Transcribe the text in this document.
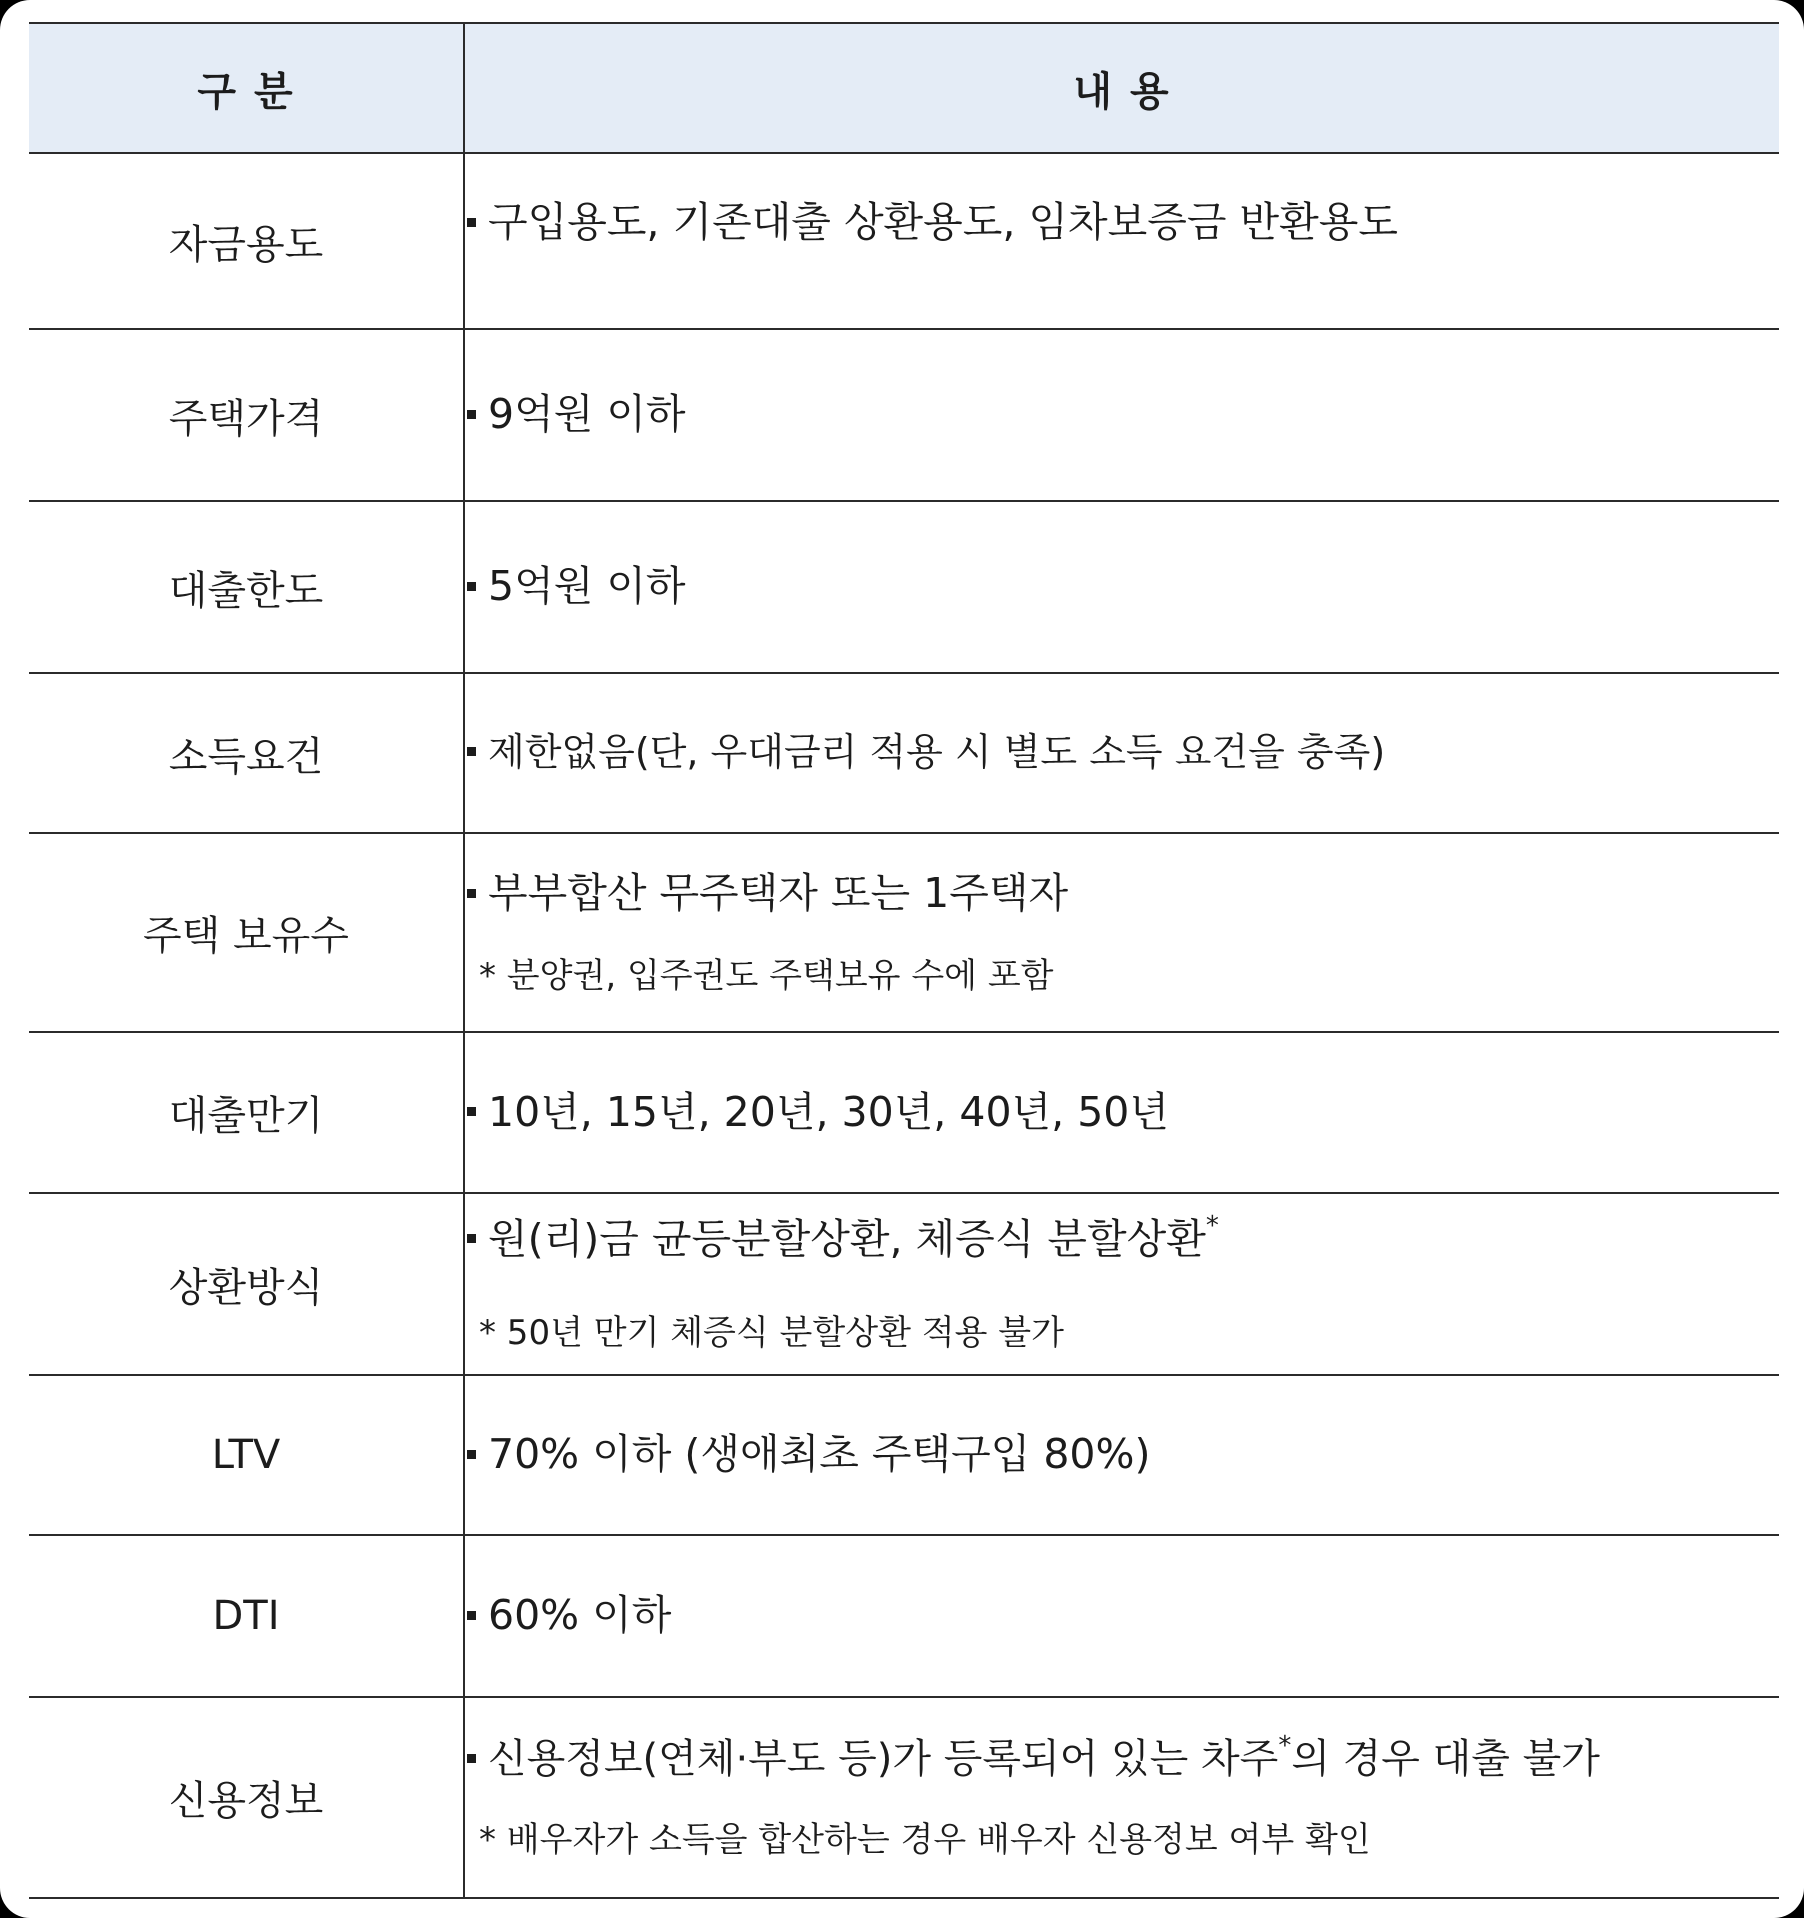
구 분	내 용
자금용도	구입용도, 기존대출 상환용도, 임차보증금 반환용도

주택가격	9억원 이하

대출한도	5억원 이하

소득요건	제한없음(단, 우대금리 적용 시 별도 소득 요건을 충족)

주택 보유수	부부합산 무주택자 또는 1주택자
* 분양권, 입주권도 주택보유 수에 포함

대출만기	10년, 15년, 20년, 30년, 40년, 50년

상환방식	원(리)금 균등분할상환, 체증식 분할상환*
* 50년 만기 체증식 분할상환 적용 불가

LTV	70% 이하 (생애최초 주택구입 80%)

DTI	60% 이하

신용정보	신용정보(연체·부도 등)가 등록되어 있는 차주*의 경우 대출 불가
* 배우자가 소득을 합산하는 경우 배우자 신용정보 여부 확인
